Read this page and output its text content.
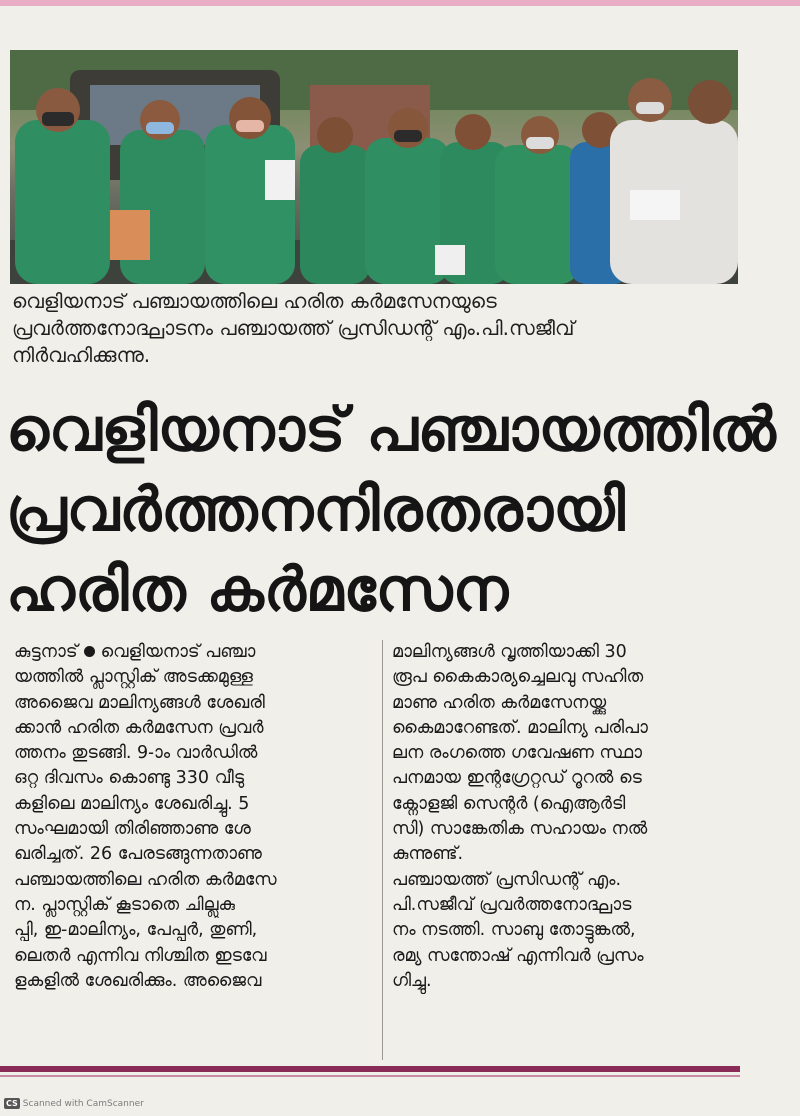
വെളിയനാട് പഞ്ചായത്തിലെ ഹരിത കർമസേനയുടെ
പ്രവർത്തനോദ്ഘാടനം പഞ്ചായത്ത് പ്രസിഡന്റ് എം.പി.സജീവ്
നിർവഹിക്കുന്നു.
വെളിയനാട് പഞ്ചായത്തിൽ
പ്രവർത്തനനിരതരായി
ഹരിത കർമസേന
കുട്ടനാട് വെളിയനാട് പഞ്ചാ
യത്തിൽ പ്ലാസ്റ്റിക് അടക്കമുള്ള
അജൈവ മാലിന്യങ്ങൾ ശേഖരി
ക്കാൻ ഹരിത കർമസേന പ്രവർ
ത്തനം തുടങ്ങി. 9-ാം വാർഡിൽ
ഒറ്റ ദിവസം കൊണ്ടു 330 വീടു
കളിലെ മാലിന്യം ശേഖരിച്ചു. 5
സംഘമായി തിരിഞ്ഞാണു ശേ
ഖരിച്ചത്. 26 പേരടങ്ങുന്നതാണു
പഞ്ചായത്തിലെ ഹരിത കർമസേ
ന. പ്ലാസ്റ്റിക് കൂടാതെ ചില്ലുകു
പ്പി, ഇ-മാലിന്യം, പേപ്പർ, തുണി,
ലെതർ എന്നിവ നിശ്ചിത ഇടവേ
ളകളിൽ ശേഖരിക്കും. അജൈവ
മാലിന്യങ്ങൾ വൃത്തിയാക്കി 30
രൂപ കൈകാര്യച്ചെലവു സഹിത
മാണു ഹരിത കർമസേനയ്ക്കു
കൈമാറേണ്ടത്. മാലിന്യ പരിപാ
ലന രംഗത്തെ ഗവേഷണ സ്ഥാ
പനമായ ഇന്റഗ്രേറ്റഡ് റൂറൽ ടെ
ക്നോളജി സെന്റർ (ഐആർടി
സി) സാങ്കേതിക സഹായം നൽ
കുന്നുണ്ട്.
പഞ്ചായത്ത് പ്രസിഡന്റ് എം.
പി.സജീവ് പ്രവർത്തനോദ്ഘാട
നം നടത്തി. സാബു തോട്ടുങ്കൽ,
രമ്യ സന്തോഷ് എന്നിവർ പ്രസം
ഗിച്ചു.
CS Scanned with CamScanner
